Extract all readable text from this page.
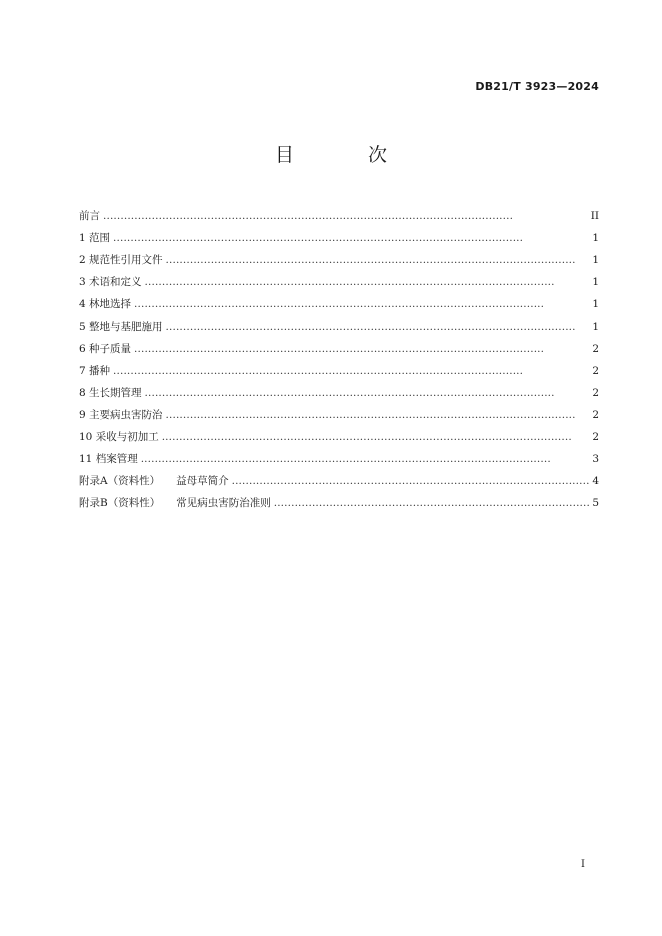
DB21/T 3923—2024
目 次
前言 . . .	II
1 范围 . . .	1
2 规范性引用文件 . . .	1
3 术语和定义 . . .	1
4 林地选择 . . .	1
5 整地与基肥施用 . . .	1
6 种子质量 . . .	2
7 播种 . . .	2
8 生长期管理 . . .	2
9 主要病虫害防治 . . .	2
10 采收与初加工 . . .	2
11 档案管理 . . .	3
附录A（资料性） 益母草简介 . . .	4
附录B（资料性） 常见病虫害防治准则 . . .	5
I
